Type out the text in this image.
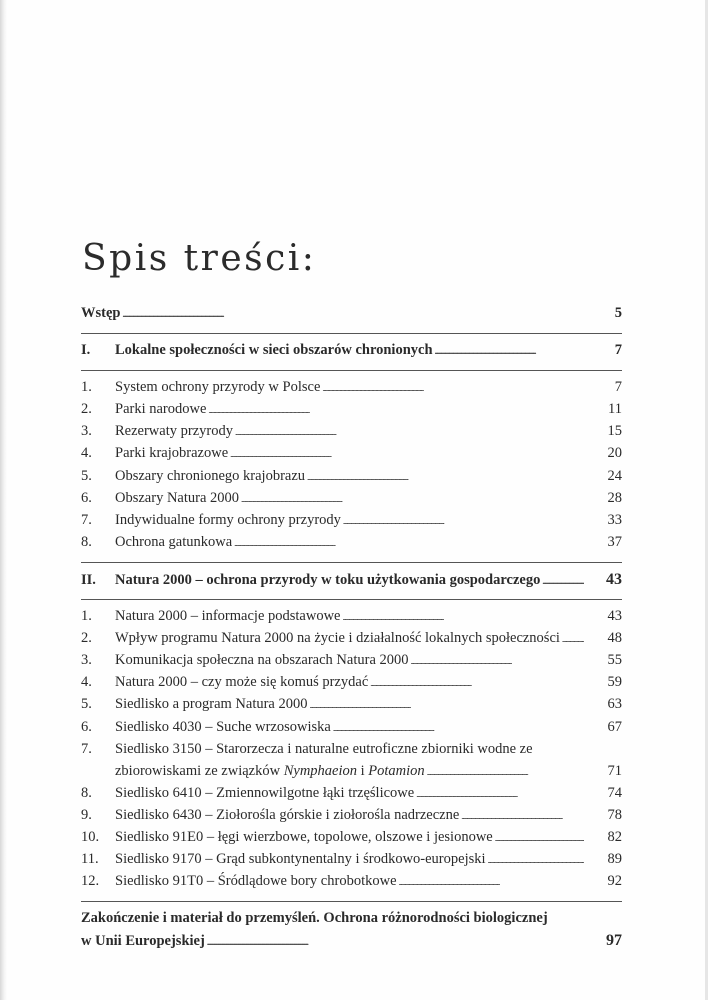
Spis treści:
Wstęp . . .	5
I.	Lokalne społeczności w sieci obszarów chronionych . . .	7
1.	System ochrony przyrody w Polsce . . .	7
2.	Parki narodowe . . .	11
3.	Rezerwaty przyrody . . .	15
4.	Parki krajobrazowe . . .	20
5.	Obszary chronionego krajobrazu . . .	24
6.	Obszary Natura 2000 . . .	28
7.	Indywidualne formy ochrony przyrody . . .	33
8.	Ochrona gatunkowa . . .	37
II.	Natura 2000 – ochrona przyrody w toku użytkowania gospodarczego . . .	43
1.	Natura 2000 – informacje podstawowe . . .	43
2.	Wpływ programu Natura 2000 na życie i działalność lokalnych społeczności . . .	48
3.	Komunikacja społeczna na obszarach Natura 2000 . . .	55
4.	Natura 2000 – czy może się komuś przydać . . .	59
5.	Siedlisko a program Natura 2000 . . .	63
6.	Siedlisko 4030 – Suche wrzosowiska . . .	67
7.	Siedlisko 3150 – Starorzecza i naturalne eutroficzne zbiorniki wodne ze
zbiorowiskami ze związków Nymphaeion i Potamion . . .	71
8.	Siedlisko 6410 – Zmiennowilgotne łąki trzęślicowe . . .	74
9.	Siedlisko 6430 – Ziołorośla górskie i ziołorośla nadrzeczne . . .	78
10.	Siedlisko 91E0 – łęgi wierzbowe, topolowe, olszowe i jesionowe . . .	82
11.	Siedlisko 9170 – Grąd subkontynentalny i środkowo-europejski . . .	89
12.	Siedlisko 91T0 – Śródlądowe bory chrobotkowe . . .	92
Zakończenie i materiał do przemyśleń. Ochrona różnorodności biologicznej
w Unii Europejskiej . . .	97
